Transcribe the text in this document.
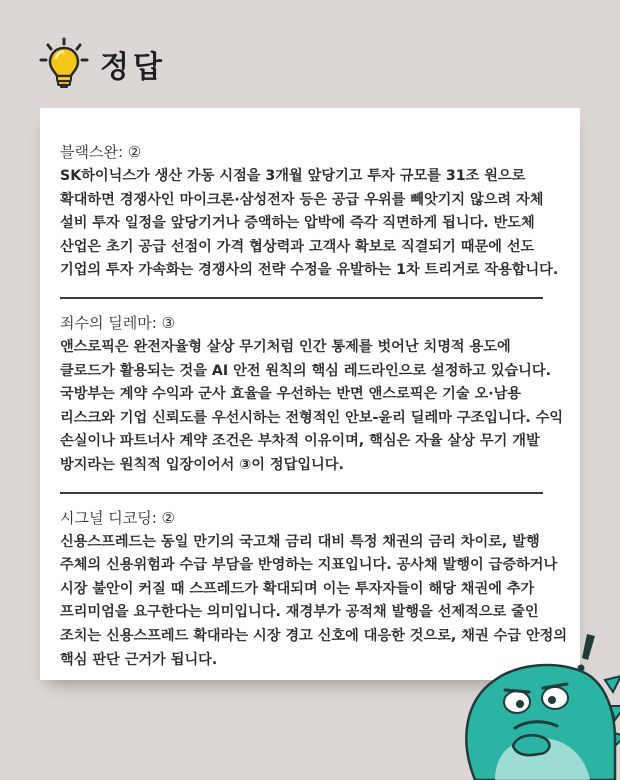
정답
블랙스완: ②

SK하이닉스가 생산 가동 시점을 3개월 앞당기고 투자 규모를 31조 원으로 확대하면 경쟁사인 마이크론·삼성전자 등은 공급 우위를 빼앗기지 않으려 자체 설비 투자 일정을 앞당기거나 증액하는 압박에 즉각 직면하게 됩니다. 반도체 산업은 초기 공급 선점이 가격 협상력과 고객사 확보로 직결되기 때문에 선도 기업의 투자 가속화는 경쟁사의 전략 수정을 유발하는 1차 트리거로 작용합니다.

죄수의 딜레마: ③

앤스로픽은 완전자율형 살상 무기처럼 인간 통제를 벗어난 치명적 용도에 클로드가 활용되는 것을 AI 안전 원칙의 핵심 레드라인으로 설정하고 있습니다. 국방부는 계약 수익과 군사 효율을 우선하는 반면 앤스로픽은 기술 오·남용 리스크와 기업 신뢰도를 우선시하는 전형적인 안보-윤리 딜레마 구조입니다. 수익 손실이나 파트너사 계약 조건은 부차적 이유이며, 핵심은 자율 살상 무기 개발 방지라는 원칙적 입장이어서 ③이 정답입니다.

시그널 디코딩: ②

신용스프레드는 동일 만기의 국고채 금리 대비 특정 채권의 금리 차이로, 발행 주체의 신용위험과 수급 부담을 반영하는 지표입니다. 공사채 발행이 급증하거나 시장 불안이 커질 때 스프레드가 확대되며 이는 투자자들이 해당 채권에 추가 프리미엄을 요구한다는 의미입니다. 재경부가 공적채 발행을 선제적으로 줄인 조치는 신용스프레드 확대라는 시장 경고 신호에 대응한 것으로, 채권 수급 안정의 핵심 판단 근거가 됩니다.
